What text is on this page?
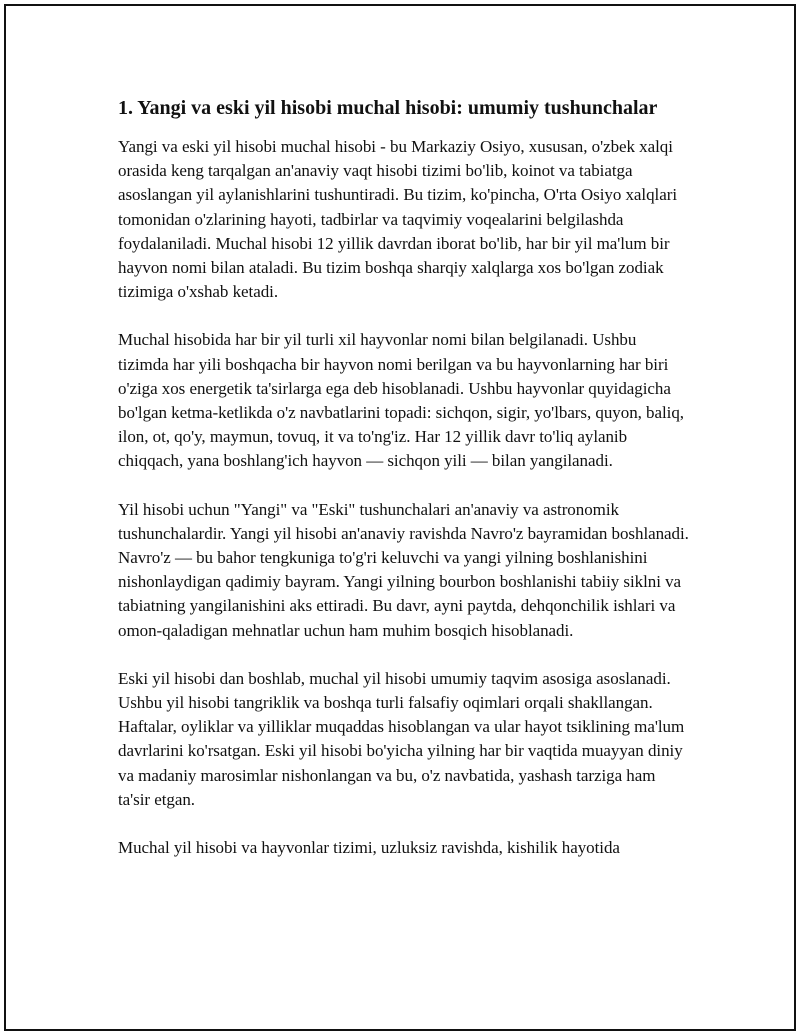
1. Yangi va eski yil hisobi muchal hisobi: umumiy tushunchalar

Yangi va eski yil hisobi muchal hisobi - bu Markaziy Osiyo, xususan, o'zbek xalqi orasida keng tarqalgan an'anaviy vaqt hisobi tizimi bo'lib, koinot va tabiatga asoslangan yil aylanishlarini tushuntiradi. Bu tizim, ko'pincha, O'rta Osiyo xalqlari tomonidan o'zlarining hayoti, tadbirlar va taqvimiy voqealarini belgilashda foydalaniladi. Muchal hisobi 12 yillik davrdan iborat bo'lib, har bir yil ma'lum bir hayvon nomi bilan ataladi. Bu tizim boshqa sharqiy xalqlarga xos bo'lgan zodiak tizimiga o'xshab ketadi.

Muchal hisobida har bir yil turli xil hayvonlar nomi bilan belgilanadi. Ushbu tizimda har yili boshqacha bir hayvon nomi berilgan va bu hayvonlarning har biri o'ziga xos energetik ta'sirlarga ega deb hisoblanadi. Ushbu hayvonlar quyidagicha bo'lgan ketma-ketlikda o'z navbatlarini topadi: sichqon, sigir, yo'lbars, quyon, baliq, ilon, ot, qo'y, maymun, tovuq, it va to'ng'iz. Har 12 yillik davr to'liq aylanib chiqqach, yana boshlang'ich hayvon — sichqon yili — bilan yangilanadi.

Yil hisobi uchun "Yangi" va "Eski" tushunchalari an'anaviy va astronomik tushunchalardir. Yangi yil hisobi an'anaviy ravishda Navro'z bayramidan boshlanadi. Navro'z — bu bahor tengkuniga to'g'ri keluvchi va yangi yilning boshlanishini nishonlaydigan qadimiy bayram. Yangi yilning bourbon boshlanishi tabiiy siklni va tabiatning yangilanishini aks ettiradi. Bu davr, ayni paytda, dehqonchilik ishlari va omon-qaladigan mehnatlar uchun ham muhim bosqich hisoblanadi.

Eski yil hisobi dan boshlab, muchal yil hisobi umumiy taqvim asosiga asoslanadi. Ushbu yil hisobi tangriklik va boshqa turli falsafiy oqimlari orqali shakllangan. Haftalar, oyliklar va yilliklar muqaddas hisoblangan va ular hayot tsiklining ma'lum davrlarini ko'rsatgan. Eski yil hisobi bo'yicha yilning har bir vaqtida muayyan diniy va madaniy marosimlar nishonlangan va bu, o'z navbatida, yashash tarziga ham ta'sir etgan.

Muchal yil hisobi va hayvonlar tizimi, uzluksiz ravishda, kishilik hayotida
